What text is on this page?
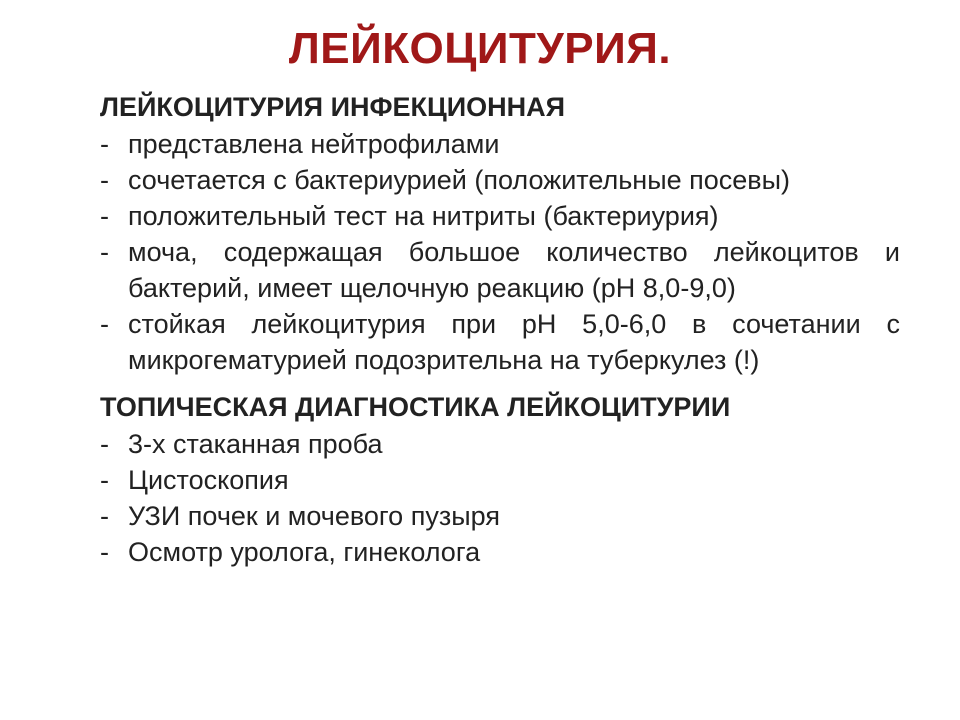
ЛЕЙКОЦИТУРИЯ.
ЛЕЙКОЦИТУРИЯ ИНФЕКЦИОННАЯ
- представлена нейтрофилами
- сочетается с бактериурией (положительные посевы)
- положительный тест на нитриты (бактериурия)
- моча, содержащая большое количество лейкоцитов и бактерий, имеет щелочную реакцию (рН 8,0-9,0)
- стойкая лейкоцитурия при рН 5,0-6,0 в сочетании с микрогематурией подозрительна на туберкулез (!)
ТОПИЧЕСКАЯ ДИАГНОСТИКА ЛЕЙКОЦИТУРИИ
- 3-х стаканная проба
- Цистоскопия
- УЗИ почек и мочевого пузыря
- Осмотр уролога, гинеколога
